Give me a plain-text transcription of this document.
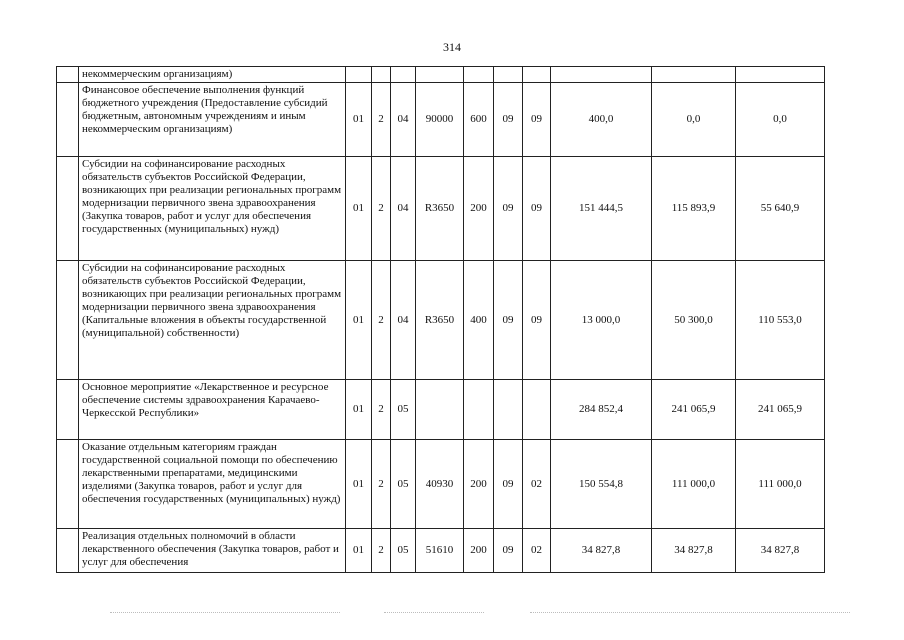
314
	некоммерческим организациям)										
	Финансовое обеспечение выполнения функций бюджетного учреждения (Предоставление субсидий бюджетным, автономным учреждениям и иным некоммерческим организациям)	01	2	04	90000	600	09	09	400,0	0,0	0,0
	Субсидии на софинансирование расходных обязательств субъектов Российской Федерации, возникающих при реализации региональных программ модернизации первичного звена здравоохранения (Закупка товаров, работ и услуг для обеспечения государственных (муниципальных) нужд)	01	2	04	R3650	200	09	09	151 444,5	115 893,9	55 640,9
	Субсидии на софинансирование расходных обязательств субъектов Российской Федерации, возникающих при реализации региональных программ модернизации первичного звена здравоохранения (Капитальные вложения в объекты государственной (муниципальной) собственности)	01	2	04	R3650	400	09	09	13 000,0	50 300,0	110 553,0
	Основное мероприятие «Лекарственное и ресурсное обеспечение системы здравоохранения Карачаево-Черкесской Республики»	01	2	05					284 852,4	241 065,9	241 065,9
	Оказание отдельным категориям граждан государственной социальной помощи по обеспечению лекарственными препаратами, медицинскими изделиями (Закупка товаров, работ и услуг для обеспечения государственных (муниципальных) нужд)	01	2	05	40930	200	09	02	150 554,8	111 000,0	111 000,0
	Реализация отдельных полномочий в области лекарственного обеспечения (Закупка товаров, работ и услуг для обеспечения	01	2	05	51610	200	09	02	34 827,8	34 827,8	34 827,8
